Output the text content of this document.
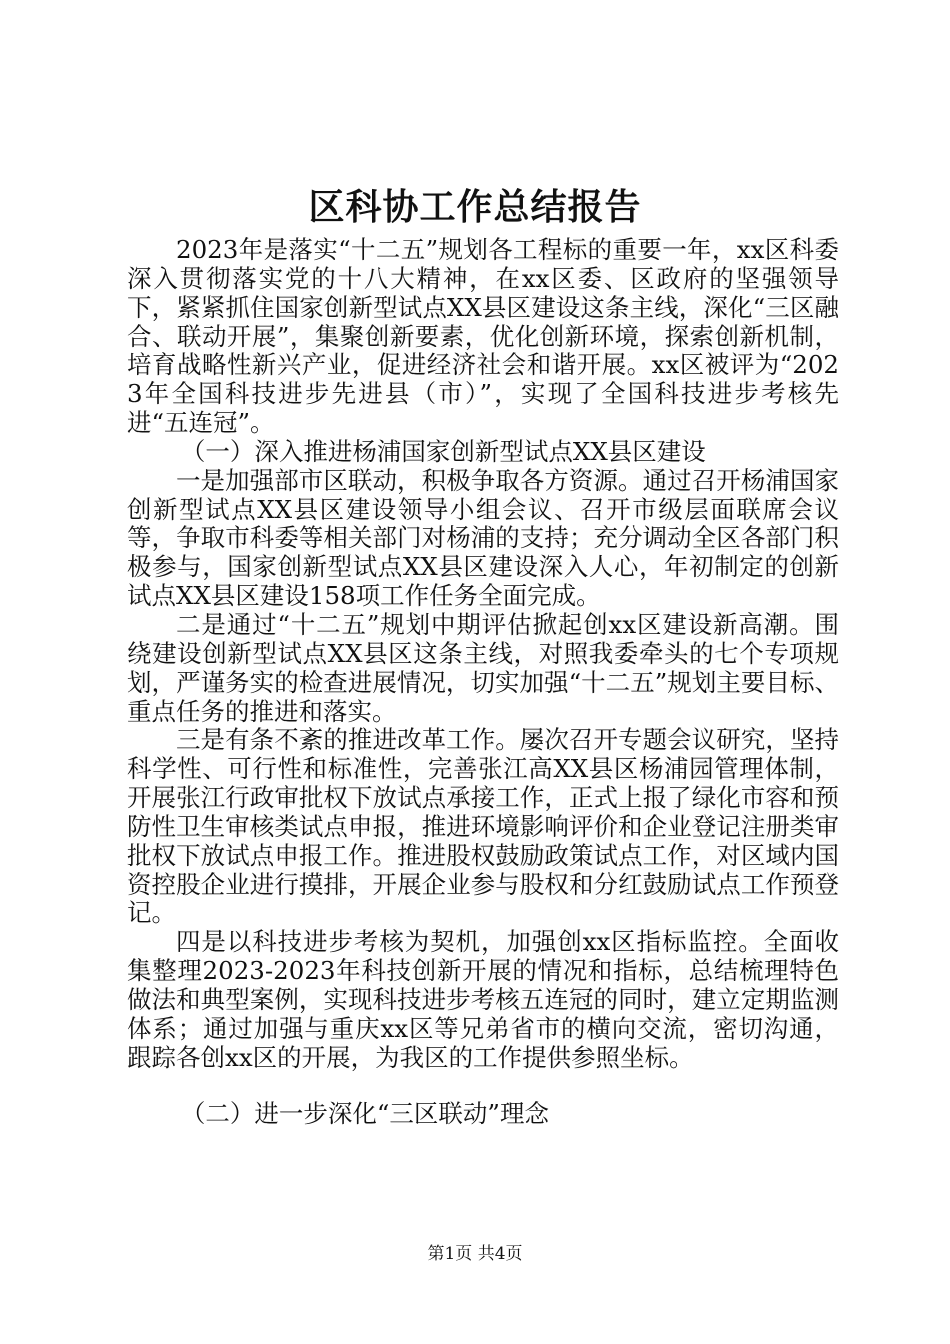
区科协工作总结报告

2023年是落实“十二五”规划各工程标的重要一年，xx区科委深入贯彻落实党的十八大精神，在xx区委、区政府的坚强领导下，紧紧抓住国家创新型试点XX县区建设这条主线，深化“三区融合、联动开展”，集聚创新要素，优化创新环境，探索创新机制，培育战略性新兴产业，促进经济社会和谐开展。xx区被评为“2023年全国科技进步先进县（市）”，实现了全国科技进步考核先进“五连冠”。

（一）深入推进杨浦国家创新型试点XX县区建设

一是加强部市区联动，积极争取各方资源。通过召开杨浦国家创新型试点XX县区建设领导小组会议、召开市级层面联席会议等，争取市科委等相关部门对杨浦的支持；充分调动全区各部门积极参与，国家创新型试点XX县区建设深入人心，年初制定的创新试点XX县区建设158项工作任务全面完成。

二是通过“十二五”规划中期评估掀起创xx区建设新高潮。围绕建设创新型试点XX县区这条主线，对照我委牵头的七个专项规划，严谨务实的检查进展情况，切实加强“十二五”规划主要目标、重点任务的推进和落实。

三是有条不紊的推进改革工作。屡次召开专题会议研究，坚持科学性、可行性和标准性，完善张江高XX县区杨浦园管理体制，开展张江行政审批权下放试点承接工作，正式上报了绿化市容和预防性卫生审核类试点申报，推进环境影响评价和企业登记注册类审批权下放试点申报工作。推进股权鼓励政策试点工作，对区域内国资控股企业进行摸排，开展企业参与股权和分红鼓励试点工作预登记。

四是以科技进步考核为契机，加强创xx区指标监控。全面收集整理2023-2023年科技创新开展的情况和指标，总结梳理特色做法和典型案例，实现科技进步考核五连冠的同时，建立定期监测体系；通过加强与重庆xx区等兄弟省市的横向交流，密切沟通，跟踪各创xx区的开展，为我区的工作提供参照坐标。

（二）进一步深化“三区联动”理念

第1页 共4页
